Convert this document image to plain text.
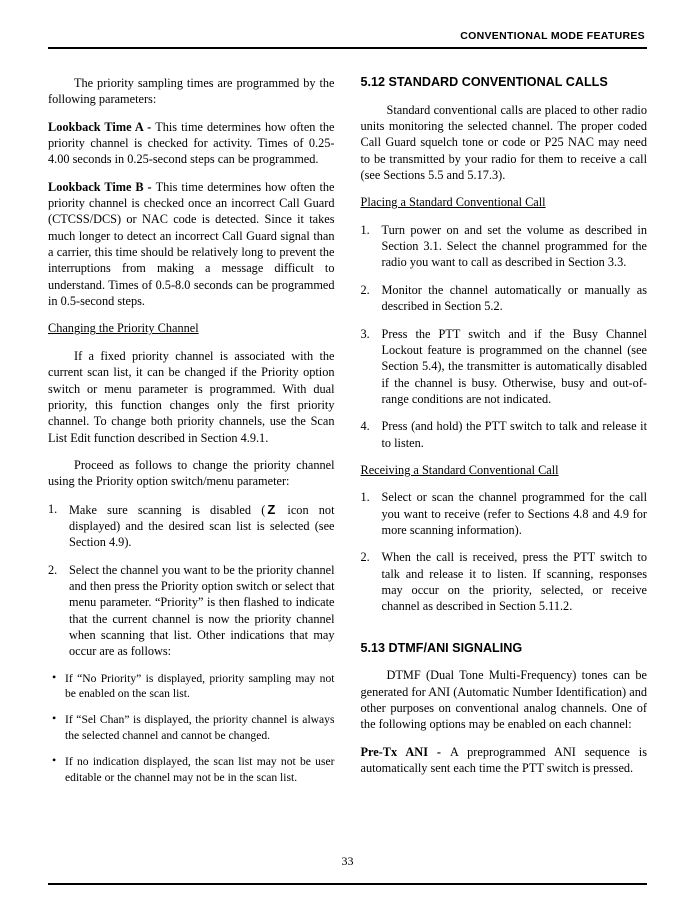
CONVENTIONAL MODE FEATURES

The priority sampling times are programmed by the following parameters:

Lookback Time A - This time determines how often the priority channel is checked for activity. Times of 0.25-4.00 seconds in 0.25-second steps can be programmed.

Lookback Time B - This time determines how often the priority channel is checked once an incorrect Call Guard (CTCSS/DCS) or NAC code is detected. Since it takes much longer to detect an incorrect Call Guard signal than a carrier, this time should be relatively long to prevent the interruptions from making a message difficult to understand. Times of 0.5-8.0 seconds can be programmed in 0.5-second steps.

Changing the Priority Channel

If a fixed priority channel is associated with the current scan list, it can be changed if the Priority option switch or menu parameter is programmed. With dual priority, this function changes only the first priority channel. To change both priority channels, use the Scan List Edit function described in Section 4.9.1.

Proceed as follows to change the priority channel using the Priority option switch/menu parameter:

1. Make sure scanning is disabled ( Z icon not displayed) and the desired scan list is selected (see Section 4.9).
2. Select the channel you want to be the priority channel and then press the Priority option switch or select that menu parameter. “Priority” is then flashed to indicate that the current channel is now the priority channel when scanning that list. Other indications that may occur are as follows:
• If “No Priority” is displayed, priority sampling may not be enabled on the scan list.
• If “Sel Chan” is displayed, the priority channel is always the selected channel and cannot be changed.
• If no indication displayed, the scan list may not be user editable or the channel may not be in the scan list.

5.12 STANDARD CONVENTIONAL CALLS

Standard conventional calls are placed to other radio units monitoring the selected channel. The proper coded Call Guard squelch tone or code or P25 NAC may need to be transmitted by your radio for them to receive a call (see Sections 5.5 and 5.17.3).

Placing a Standard Conventional Call

1. Turn power on and set the volume as described in Section 3.1. Select the channel programmed for the radio you want to call as described in Section 3.3.
2. Monitor the channel automatically or manually as described in Section 5.2.
3. Press the PTT switch and if the Busy Channel Lockout feature is programmed on the channel (see Section 5.4), the transmitter is automatically disabled if the channel is busy. Otherwise, busy and out-of-range conditions are not indicated.
4. Press (and hold) the PTT switch to talk and release it to listen.

Receiving a Standard Conventional Call

1. Select or scan the channel programmed for the call you want to receive (refer to Sections 4.8 and 4.9 for more scanning information).
2. When the call is received, press the PTT switch to talk and release it to listen. If scanning, responses may occur on the priority, selected, or receive channel as described in Section 5.11.2.

5.13 DTMF/ANI SIGNALING

DTMF (Dual Tone Multi-Frequency) tones can be generated for ANI (Automatic Number Identification) and other purposes on conventional analog channels. One of the following options may be enabled on each channel:

Pre-Tx ANI - A preprogrammed ANI sequence is automatically sent each time the PTT switch is pressed.

33
